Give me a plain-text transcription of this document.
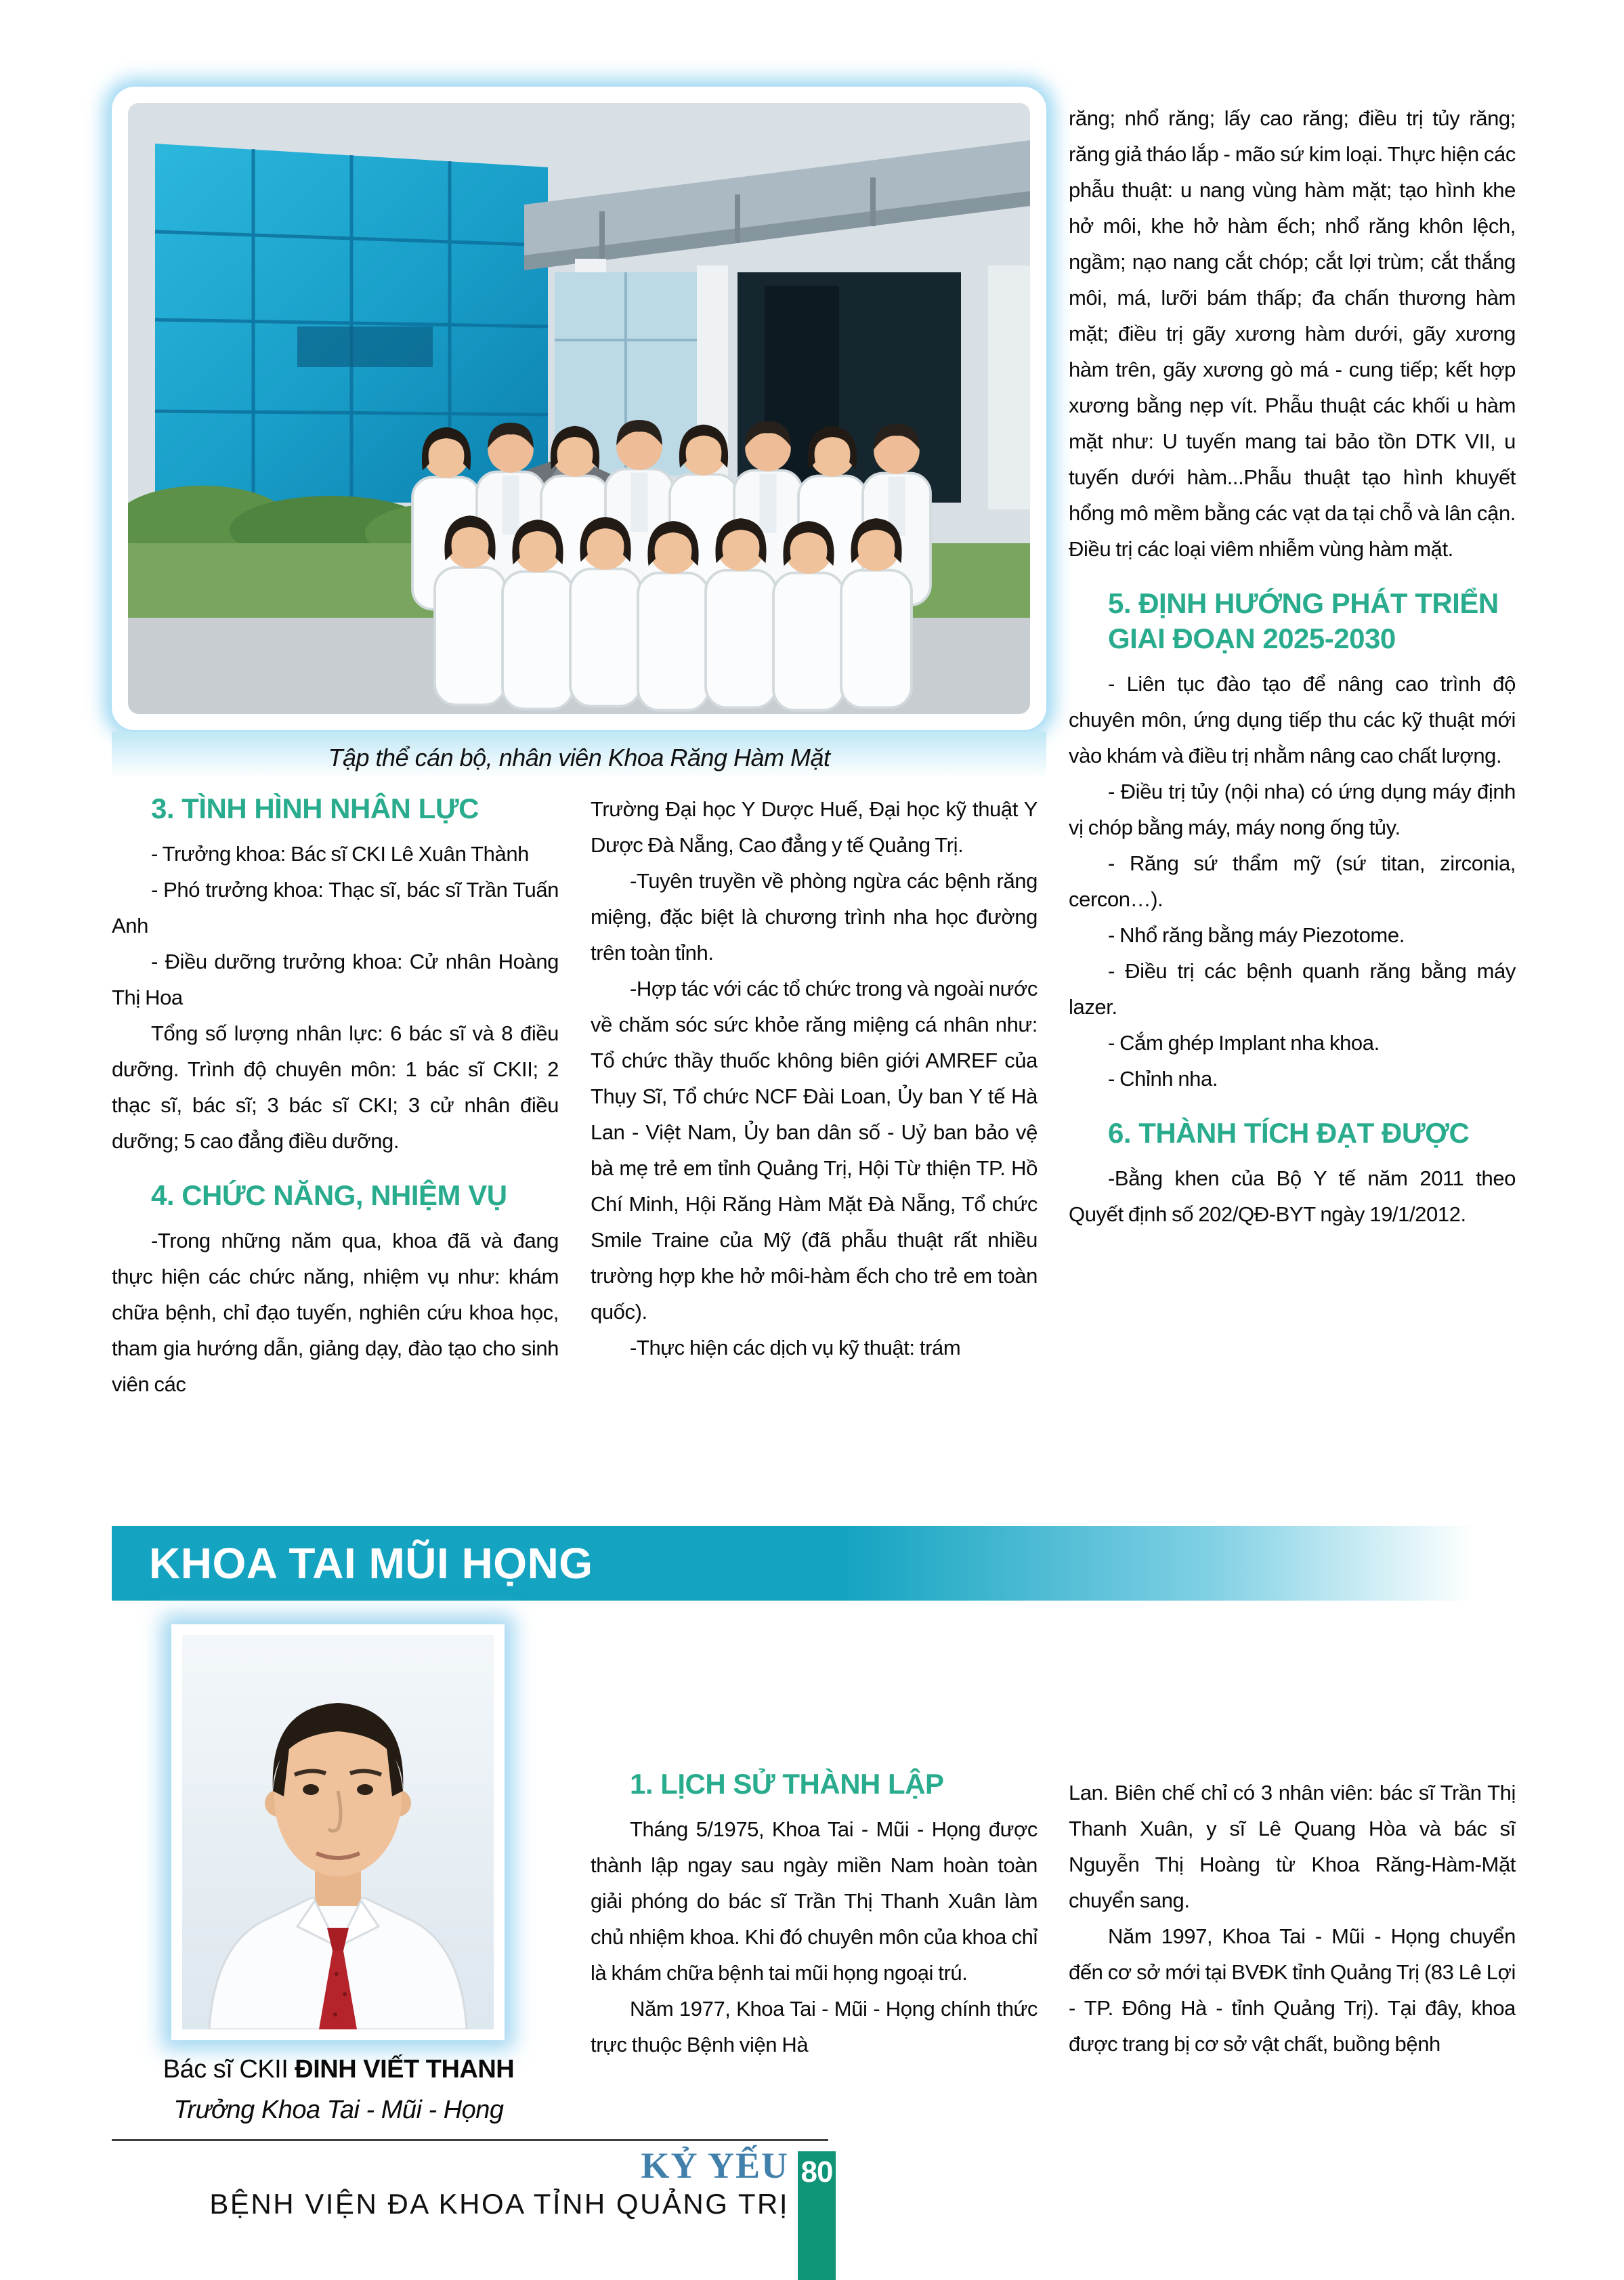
Tập thể cán bộ, nhân viên Khoa Răng Hàm Mặt

răng; nhổ răng; lấy cao răng; điều trị tủy răng; răng giả tháo lắp - mão sứ kim loại. Thực hiện các phẫu thuật: u nang vùng hàm mặt; tạo hình khe hở môi, khe hở hàm ếch; nhổ răng khôn lệch, ngầm; nạo nang cắt chóp; cắt lợi trùm; cắt thắng môi, má, lưỡi bám thấp; đa chấn thương hàm mặt; điều trị gãy xương hàm dưới, gãy xương hàm trên, gãy xương gò má - cung tiếp; kết hợp xương bằng nẹp vít. Phẫu thuật các khối u hàm mặt như: U tuyến mang tai bảo tồn DTK VII, u tuyến dưới hàm...Phẫu thuật tạo hình khuyết hổng mô mềm bằng các vạt da tại chỗ và lân cận. Điều trị các loại viêm nhiễm vùng hàm mặt.

5. ĐỊNH HƯỚNG PHÁT TRIỂN GIAI ĐOẠN 2025-2030

- Liên tục đào tạo để nâng cao trình độ chuyên môn, ứng dụng tiếp thu các kỹ thuật mới vào khám và điều trị nhằm nâng cao chất lượng.

- Điều trị tủy (nội nha) có ứng dụng máy định vị chóp bằng máy, máy nong ống tủy.

- Răng sứ thẩm mỹ (sứ titan, zirconia, cercon…).

- Nhổ răng bằng máy Piezotome.

- Điều trị các bệnh quanh răng bằng máy lazer.

- Cắm ghép Implant nha khoa.

- Chỉnh nha.

6. THÀNH TÍCH ĐẠT ĐƯỢC

-Bằng khen của Bộ Y tế năm 2011 theo Quyết định số 202/QĐ-BYT ngày 19/1/2012.

3. TÌNH HÌNH NHÂN LỰC

- Trưởng khoa: Bác sĩ CKI Lê Xuân Thành

- Phó trưởng khoa: Thạc sĩ, bác sĩ Trần Tuấn Anh

- Điều dưỡng trưởng khoa: Cử nhân Hoàng Thị Hoa

Tổng số lượng nhân lực: 6 bác sĩ và 8 điều dưỡng. Trình độ chuyên môn: 1 bác sĩ CKII; 2 thạc sĩ, bác sĩ; 3 bác sĩ CKI; 3 cử nhân điều dưỡng; 5 cao đẳng điều dưỡng.

4. CHỨC NĂNG, NHIỆM VỤ

-Trong những năm qua, khoa đã và đang thực hiện các chức năng, nhiệm vụ như: khám chữa bệnh, chỉ đạo tuyến, nghiên cứu khoa học, tham gia hướng dẫn, giảng dạy, đào tạo cho sinh viên các

Trường Đại học Y Dược Huế, Đại học kỹ thuật Y Dược Đà Nẵng, Cao đẳng y tế Quảng Trị.

-Tuyên truyền về phòng ngừa các bệnh răng miệng, đặc biệt là chương trình nha học đường trên toàn tỉnh.

-Hợp tác với các tổ chức trong và ngoài nước về chăm sóc sức khỏe răng miệng cá nhân như: Tổ chức thầy thuốc không biên giới AMREF của Thụy Sĩ, Tổ chức NCF Đài Loan, Ủy ban Y tế Hà Lan - Việt Nam, Ủy ban dân số - Uỷ ban bảo vệ bà mẹ trẻ em tỉnh Quảng Trị, Hội Từ thiện TP. Hồ Chí Minh, Hội Răng Hàm Mặt Đà Nẵng, Tổ chức Smile Traine của Mỹ (đã phẫu thuật rất nhiều trường hợp khe hở môi-hàm ếch cho trẻ em toàn quốc).

-Thực hiện các dịch vụ kỹ thuật: trám

KHOA TAI MŨI HỌNG
Bác sĩ CKII ĐINH VIẾT THANH
Trưởng Khoa Tai - Mũi - Họng
1. LỊCH SỬ THÀNH LẬP

Tháng 5/1975, Khoa Tai - Mũi - Họng được thành lập ngay sau ngày miền Nam hoàn toàn giải phóng do bác sĩ Trần Thị Thanh Xuân làm chủ nhiệm khoa. Khi đó chuyên môn của khoa chỉ là khám chữa bệnh tai mũi họng ngoại trú.

Năm 1977, Khoa Tai - Mũi - Họng chính thức trực thuộc Bệnh viện Hà

Lan. Biên chế chỉ có 3 nhân viên: bác sĩ Trần Thị Thanh Xuân, y sĩ Lê Quang Hòa và bác sĩ Nguyễn Thị Hoàng từ Khoa Răng-Hàm-Mặt chuyển sang.

Năm 1997, Khoa Tai - Mũi - Họng chuyển đến cơ sở mới tại BVĐK tỉnh Quảng Trị (83 Lê Lợi - TP. Đông Hà - tỉnh Quảng Trị). Tại đây, khoa được trang bị cơ sở vật chất, buồng bệnh

KỶ YẾU
BỆNH VIỆN ĐA KHOA TỈNH QUẢNG TRỊ
80
